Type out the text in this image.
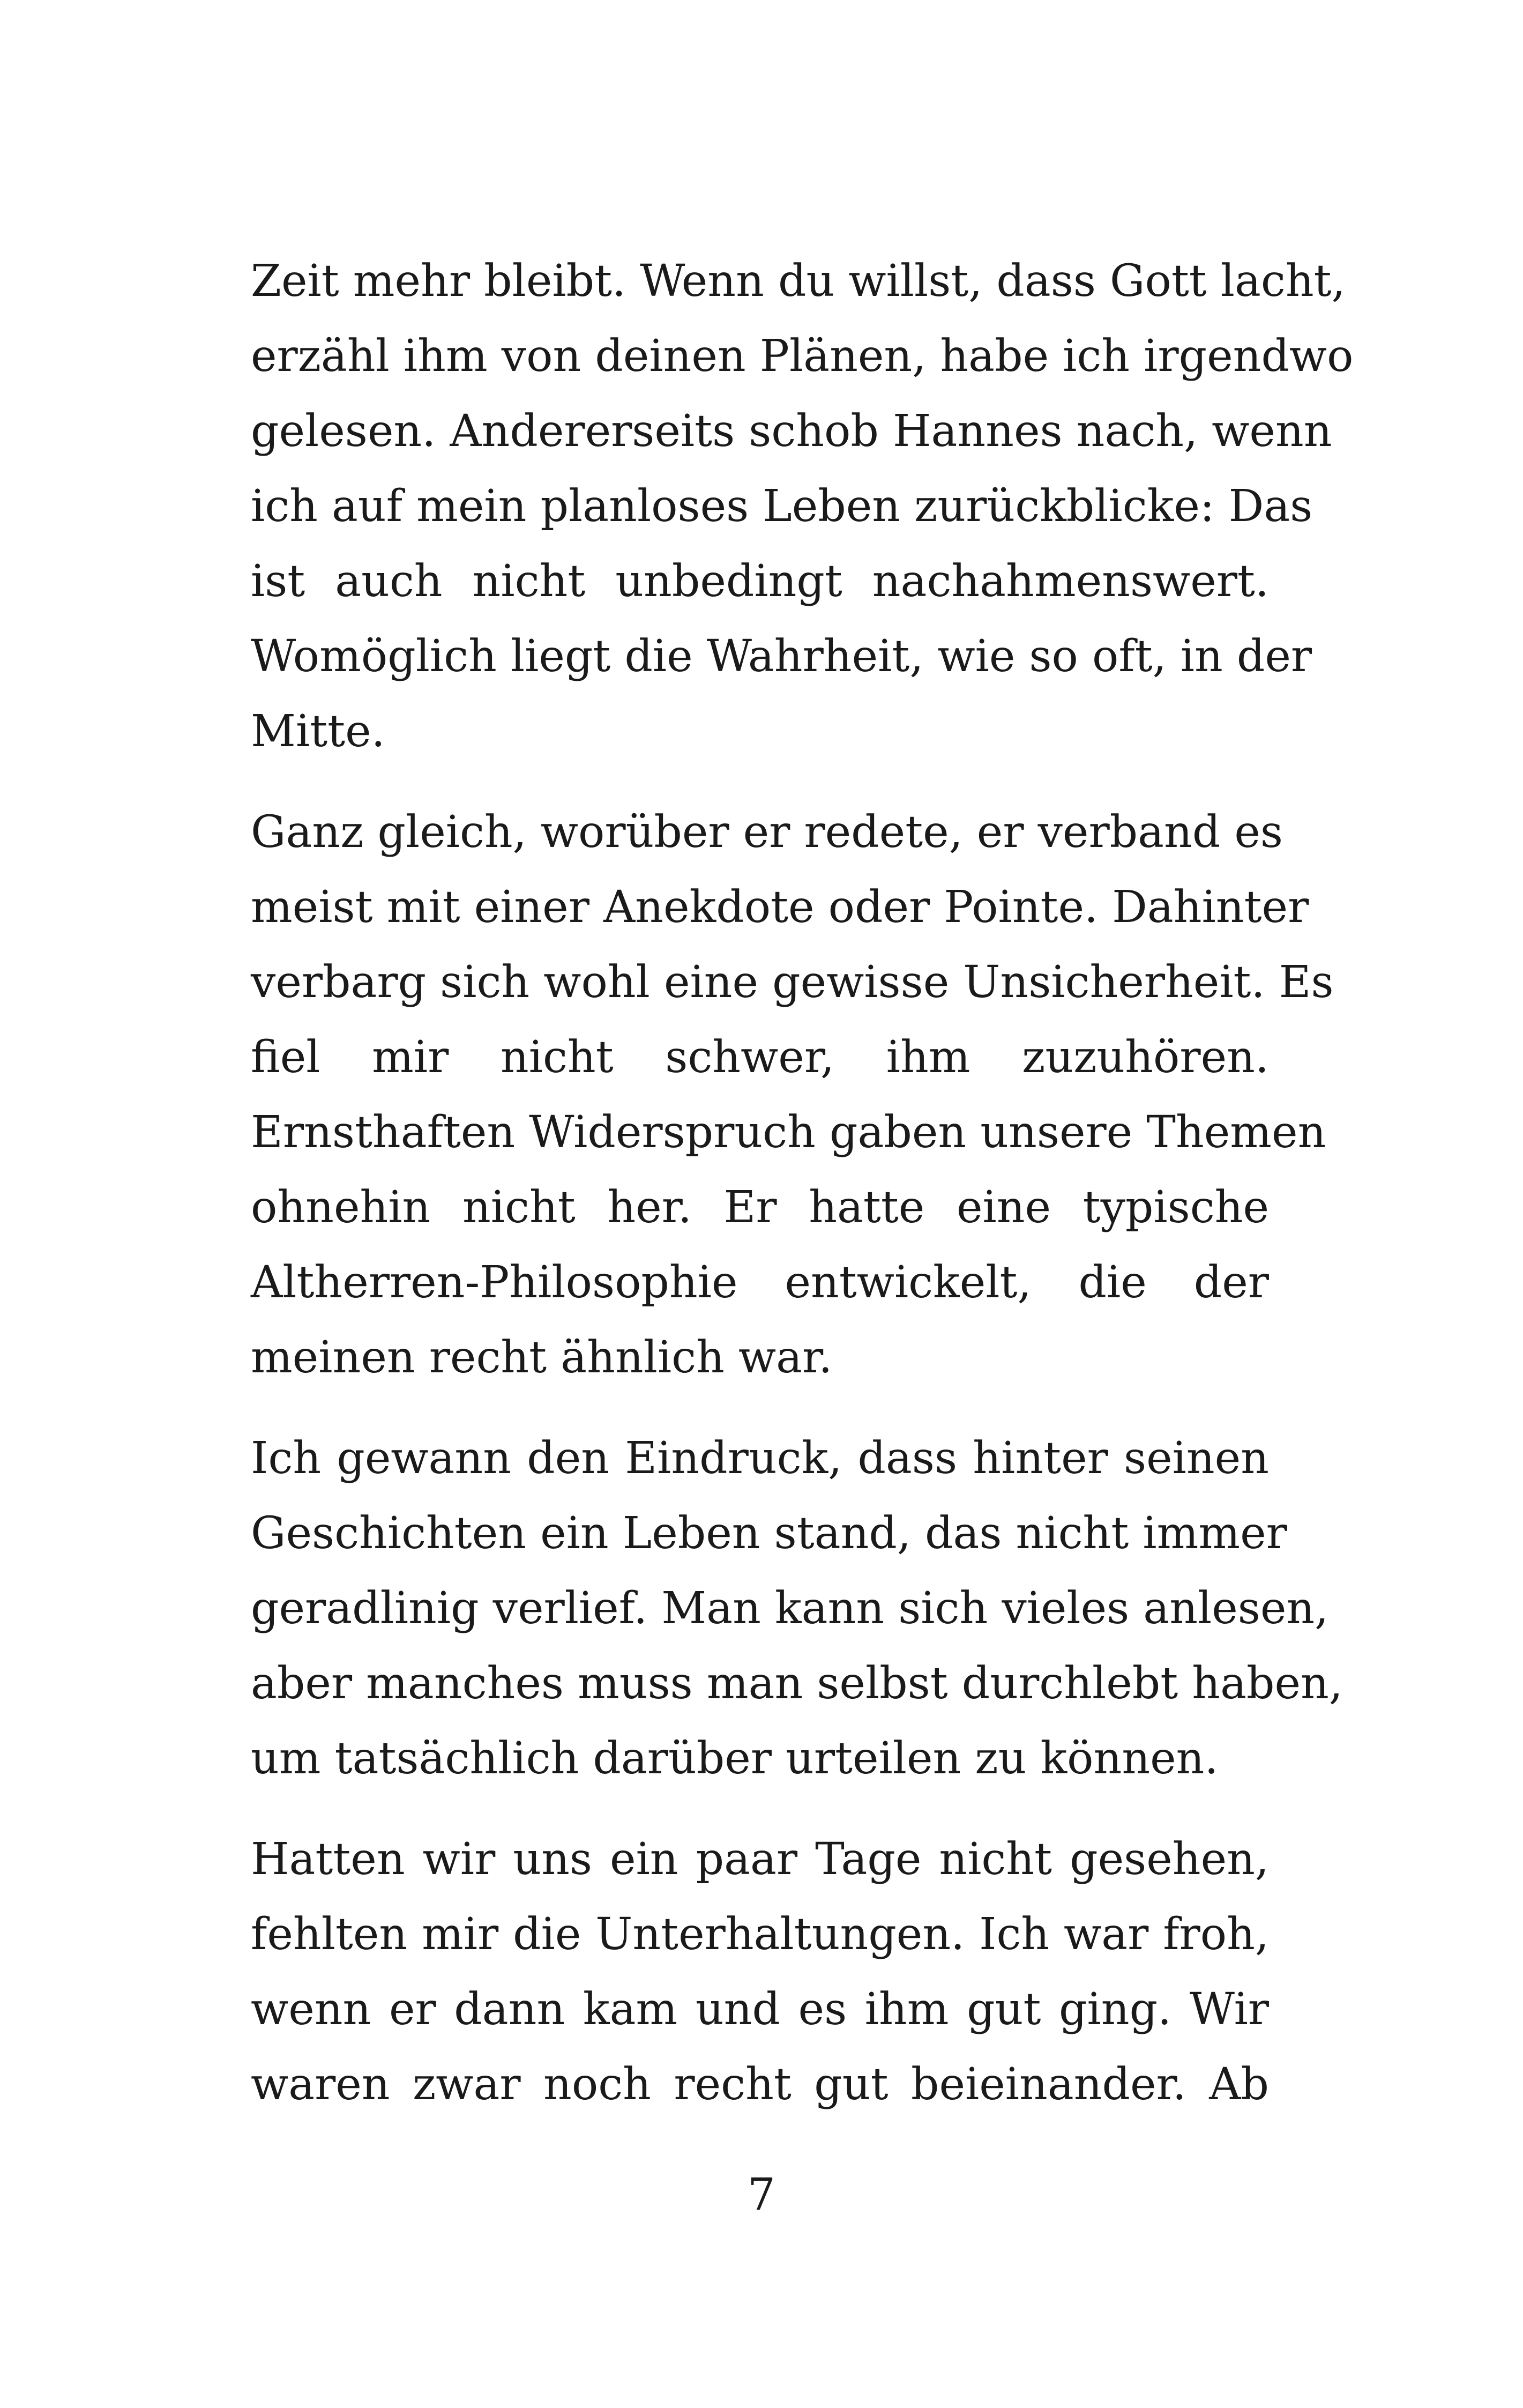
Zeit mehr bleibt. Wenn du willst, dass Gott lacht,
erzähl ihm von deinen Plänen, habe ich irgendwo
gelesen. Andererseits schob Hannes nach, wenn
ich auf mein planloses Leben zurückblicke: Das
ist auch nicht unbedingt nachahmenswert.
Womöglich liegt die Wahrheit, wie so oft, in der
Mitte.
Ganz gleich, worüber er redete, er verband es
meist mit einer Anekdote oder Pointe. Dahinter
verbarg sich wohl eine gewisse Unsicherheit. Es
fiel mir nicht schwer, ihm zuzuhören.
Ernsthaften Widerspruch gaben unsere Themen
ohnehin nicht her. Er hatte eine typische
Altherren-Philosophie entwickelt, die der
meinen recht ähnlich war.
Ich gewann den Eindruck, dass hinter seinen
Geschichten ein Leben stand, das nicht immer
geradlinig verlief. Man kann sich vieles anlesen,
aber manches muss man selbst durchlebt haben,
um tatsächlich darüber urteilen zu können.
Hatten wir uns ein paar Tage nicht gesehen,
fehlten mir die Unterhaltungen. Ich war froh,
wenn er dann kam und es ihm gut ging. Wir
waren zwar noch recht gut beieinander. Ab
7
